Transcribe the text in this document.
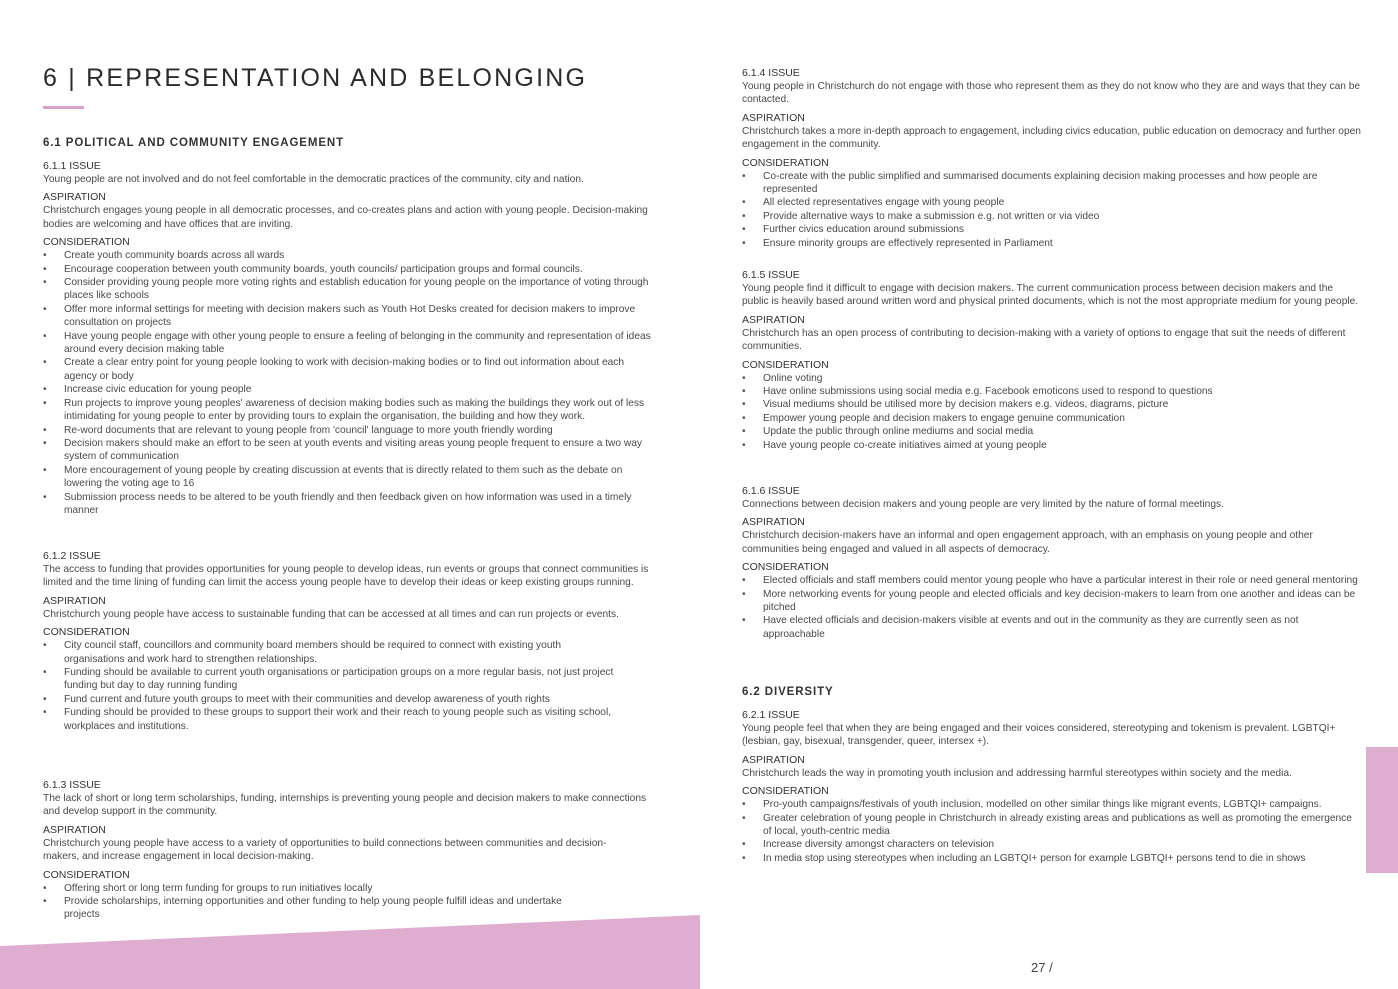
6 | REPRESENTATION AND BELONGING
6.1 POLITICAL AND COMMUNITY ENGAGEMENT

6.1.1 ISSUE

Young people are not involved and do not feel comfortable in the democratic practices of the community, city and nation.

ASPIRATION

Christchurch engages young people in all democratic processes, and co-creates plans and action with young people. Decision-making bodies are welcoming and have offices that are inviting.

CONSIDERATION

• Create youth community boards across all wards
• Encourage cooperation between youth community boards, youth councils/ participation groups and formal councils.
• Consider providing young people more voting rights and establish education for young people on the importance of voting through places like schools
• Offer more informal settings for meeting with decision makers such as Youth Hot Desks created for decision makers to improve consultation on projects
• Have young people engage with other young people to ensure a feeling of belonging in the community and representation of ideas around every decision making table
• Create a clear entry point for young people looking to work with decision-making bodies or to find out information about each agency or body
• Increase civic education for young people
• Run projects to improve young peoples' awareness of decision making bodies such as making the buildings they work out of less intimidating for young people to enter by providing tours to explain the organisation, the building and how they work.
• Re-word documents that are relevant to young people from 'council' language to more youth friendly wording
• Decision makers should make an effort to be seen at youth events and visiting areas young people frequent to ensure a two way system of communication
• More encouragement of young people by creating discussion at events that is directly related to them such as the debate on lowering the voting age to 16
• Submission process needs to be altered to be youth friendly and then feedback given on how information was used in a timely manner

6.1.2 ISSUE

The access to funding that provides opportunities for young people to develop ideas, run events or groups that connect communities is limited and the time lining of funding can limit the access young people have to develop their ideas or keep existing groups running.

ASPIRATION

Christchurch young people have access to sustainable funding that can be accessed at all times and can run projects or events.

CONSIDERATION

• City council staff, councillors and community board members should be required to connect with existing youth organisations and work hard to strengthen relationships.
• Funding should be available to current youth organisations or participation groups on a more regular basis, not just project funding but day to day running funding
• Fund current and future youth groups to meet with their communities and develop awareness of youth rights
• Funding should be provided to these groups to support their work and their reach to young people such as visiting school, workplaces and institutions.

6.1.3 ISSUE

The lack of short or long term scholarships, funding, internships is preventing young people and decision makers to make connections and develop support in the community.

ASPIRATION

Christchurch young people have access to a variety of opportunities to build connections between communities and decision-makers, and increase engagement in local decision-making.

CONSIDERATION

• Offering short or long term funding for groups to run initiatives locally
• Provide scholarships, interning opportunities and other funding to help young people fulfill ideas and undertake projects

6.1.4 ISSUE

Young people in Christchurch do not engage with those who represent them as they do not know who they are and ways that they can be contacted.

ASPIRATION

Christchurch takes a more in-depth approach to engagement, including civics education, public education on democracy and further open engagement in the community.

CONSIDERATION

• Co-create with the public simplified and summarised documents explaining decision making processes and how people are represented
• All elected representatives engage with young people
• Provide alternative ways to make a submission e.g. not written or via video
• Further civics education around submissions
• Ensure minority groups are effectively represented in Parliament

6.1.5 ISSUE

Young people find it difficult to engage with decision makers. The current communication process between decision makers and the public is heavily based around written word and physical printed documents, which is not the most appropriate medium for young people.

ASPIRATION

Christchurch has an open process of contributing to decision-making with a variety of options to engage that suit the needs of different communities.

CONSIDERATION

• Online voting
• Have online submissions using social media e.g. Facebook emoticons used to respond to questions
• Visual mediums should be utilised more by decision makers e.g. videos, diagrams, picture
• Empower young people and decision makers to engage genuine communication
• Update the public through online mediums and social media
• Have young people co-create initiatives aimed at young people

6.1.6 ISSUE

Connections between decision makers and young people are very limited by the nature of formal meetings.

ASPIRATION

Christchurch decision-makers have an informal and open engagement approach, with an emphasis on young people and other communities being engaged and valued in all aspects of democracy.

CONSIDERATION

• Elected officials and staff members could mentor young people who have a particular interest in their role or need general mentoring
• More networking events for young people and elected officials and key decision-makers to learn from one another and ideas can be pitched
• Have elected officials and decision-makers visible at events and out in the community as they are currently seen as not approachable
6.2 DIVERSITY

6.2.1 ISSUE

Young people feel that when they are being engaged and their voices considered, stereotyping and tokenism is prevalent. LGBTQI+ (lesbian, gay, bisexual, transgender, queer, intersex +).

ASPIRATION

Christchurch leads the way in promoting youth inclusion and addressing harmful stereotypes within society and the media.

CONSIDERATION

• Pro-youth campaigns/festivals of youth inclusion, modelled on other similar things like migrant events, LGBTQI+ campaigns.
• Greater celebration of young people in Christchurch in already existing areas and publications as well as promoting the emergence of local, youth-centric media
• Increase diversity amongst characters on television
• In media stop using stereotypes when including an LGBTQI+ person for example LGBTQI+ persons tend to die in shows
27 /
